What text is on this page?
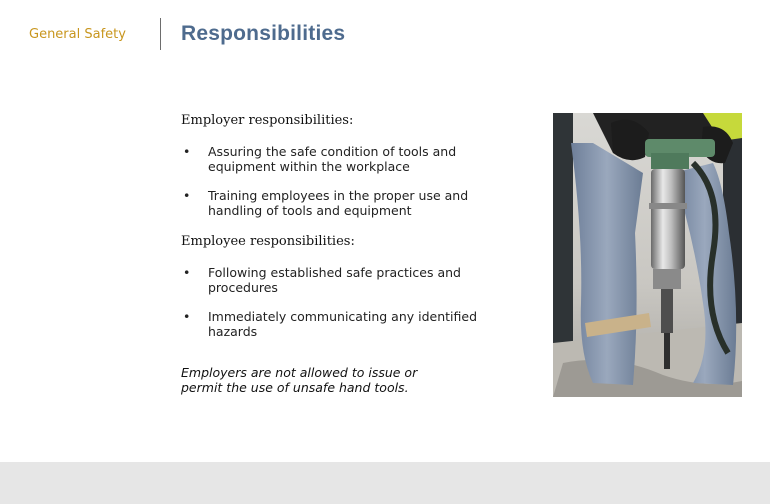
General Safety	Responsibilities
Employer responsibilities:
• Assuring the safe condition of tools and equipment within the workplace
• Training employees in the proper use and handling of tools and equipment
Employee responsibilities:
• Following established safe practices and procedures
• Immediately communicating any identified hazards
Employers are not allowed to issue or permit the use of unsafe hand tools.
